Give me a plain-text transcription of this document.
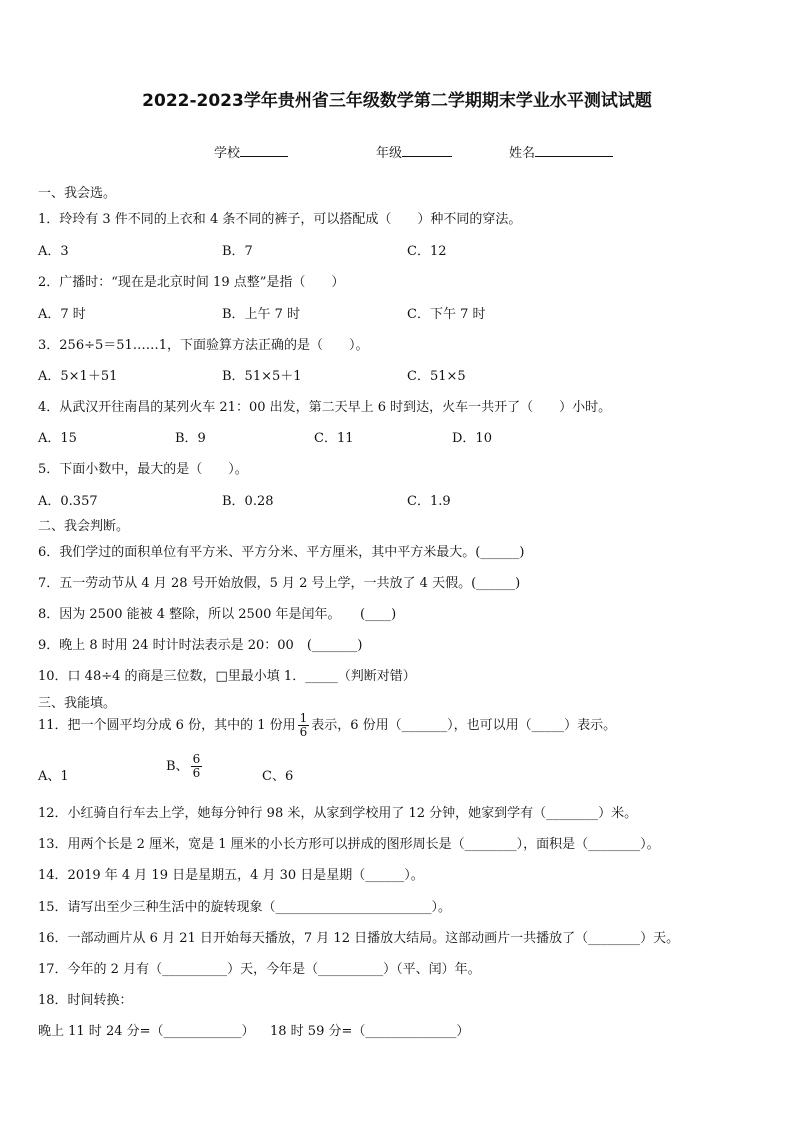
2022-2023学年贵州省三年级数学第二学期期末学业水平测试试题
学校	年级	姓名
一、我会选。
1．玲玲有 3 件不同的上衣和 4 条不同的裤子，可以搭配成（　　）种不同的穿法。
A．3	B．7	C．12
2．广播时：“现在是北京时间 19 点整”是指（　　）
A．7 时	B．上午 7 时	C．下午 7 时
3．256÷5＝51……1，下面验算方法正确的是（　　）。
A．5×1＋51	B．51×5＋1	C．51×5
4．从武汉开往南昌的某列火车 21：00 出发，第二天早上 6 时到达，火车一共开了（　　）小时。
A．15	B．9	C．11	D．10
5．下面小数中，最大的是（　　）。
A．0.357	B．0.28	C．1.9
二、我会判断。
6．我们学过的面积单位有平方米、平方分米、平方厘米，其中平方米最大。(______)
7．五一劳动节从 4 月 28 号开始放假，5 月 2 号上学，一共放了 4 天假。(______)
8．因为 2500 能被 4 整除，所以 2500 年是闰年。　　(____)
9．晚上 8 时用 24 时计时法表示是 20：00　(_______)
10．口 48÷4 的商是三位数，□里最小填 1．_____（判断对错）
三、我能填。
11．把一个圆平均分成 6 份，其中的 1 份用 $\frac{1}{6}$ 表示，6 份用（_______），也可以用（_____）表示。
A、1
B、 $\frac{6}{6}$	C、6
12．小红骑自行车去上学，她每分钟行 98 米，从家到学校用了 12 分钟，她家到学有（________）米。
13．用两个长是 2 厘米，宽是 1 厘米的小长方形可以拼成的图形周长是（________），面积是（________）。
14．2019 年 4 月 19 日是星期五，4 月 30 日是星期（______）。
15．请写出至少三种生活中的旋转现象（________________________）。
16．一部动画片从 6 月 21 日开始每天播放，7 月 12 日播放大结局。这部动画片一共播放了（________）天。
17．今年的 2 月有（__________）天，今年是（__________）（平、闰）年。
18．时间转换：
晚上 11 时 24 分=（____________） 18 时 59 分=（______________）
